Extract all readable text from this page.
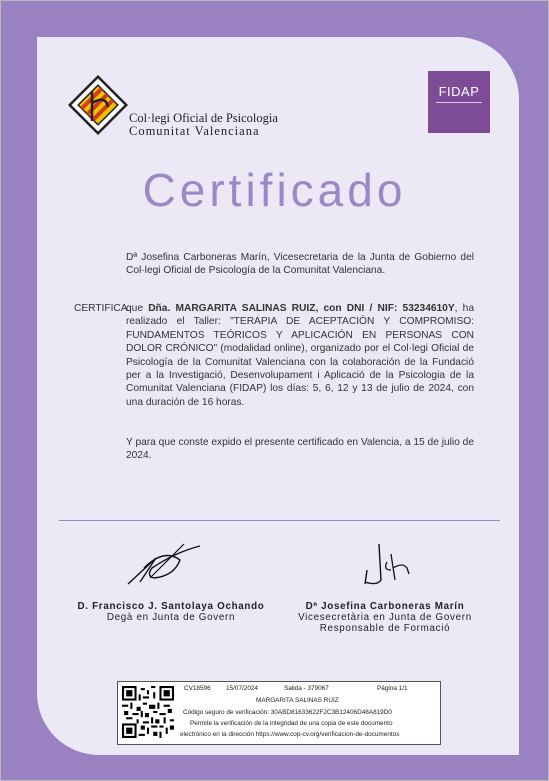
Col·legi Oficial de Psicologia
Comunitat Valenciana
FIDAP
Certificado
Dª Josefina Carboneras Marín, Vicesecretaria de la Junta de Gobierno del Col·legi Oficial de Psicología de la Comunitat Valenciana.
CERTIFICA:
que Dña. MARGARITA SALINAS RUIZ, con DNI / NIF: 53234610Y, ha realizado el Taller: "TERAPIA DE ACEPTACIÓN Y COMPROMISO: FUNDAMENTOS TEÓRICOS Y APLICACIÓN EN PERSONAS CON DOLOR CRÓNICO" (modalidad online), organizado por el Col·legi Oficial de Psicología de la Comunitat Valenciana con la colaboración de la Fundació per a la Investigació, Desenvolupament i Aplicació de la Psicologia de la Comunitat Valenciana (FIDAP) los días: 5, 6, 12 y 13 de julio de 2024, con una duración de 16 horas.
Y para que conste expido el presente certificado en Valencia, a 15 de julio de 2024.
D. Francisco J. Santolaya Ochando
Degà en Junta de Govern
Dª Josefina Carboneras Marín
Vicesecretària en Junta de Govern
Responsable de Formació
CV18596 15/07/2024	Salida - 379067	Página 1/1
MARGARITA SALINAS RUIZ
Código seguro de verificación: 30ABD81633622F2C3B12406D48A819D0
Permite la verificación de la integridad de una copia de este documento
electrónico en la dirección https://www.cop-cv.org/verificacion-de-documentos
